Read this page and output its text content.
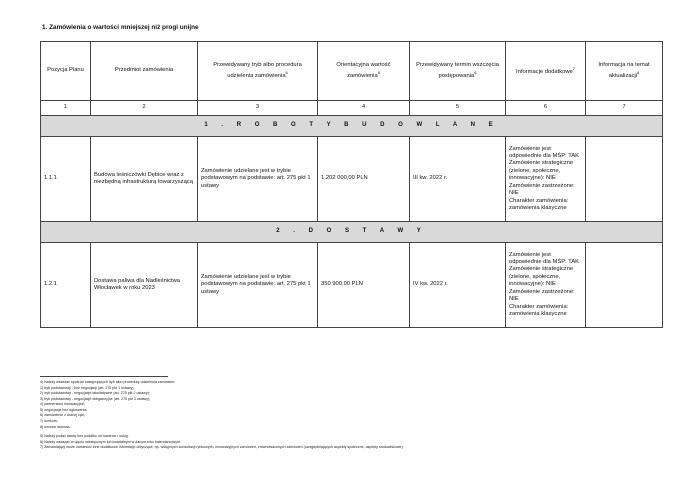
1. Zamówienia o wartości mniejszej niż progi unijne
Pozycja Planu	Przedmiot zamówienia	Przewidywany tryb albo procedura udzielenia zamówienia$^6$	Orientacyjna wartość zamówienia$^5$	Przewidywany termin wszczęcia postępowania$^6$	Informacje dodatkowe$^7$	Informacja na temat aktualizacji$^8$
1	2	3	4	5	6	7
1 . R O B O T Y B U D O W L A N E						
1.1.1	Budowa leśniczówki Dębice wraz z niezbędną infrastrukturą towarzyszącą	Zamówienie udzielane jest w trybie podstawowym na podstawie: art. 275 pkt 1 ustawy	1 202 000,00 PLN	III kw. 2022 r.	Zamówienie jest odpowiednie dla MŚP: TAK
Zamówienie strategiczne (zielone, społeczne, innowacyjne): NIE
Zamówienie zastrzeżone: NIE
Charakter zamówienia: zamówienia klasyczne	

2 . D O S T A W Y						
1.2.1	Dostawa paliwa dla Nadleśnictwa Włocławek w roku 2023	Zamówienie udzielane jest w trybie podstawowym na podstawie: art. 275 pkt 1 ustawy	350 900,00 PLN	IV kw. 2022 r.	Zamówienie jest odpowiednie dla MŚP: TAK
Zamówienie strategiczne (zielone, społeczne, innowacyjne): NIE
Zamówienie zastrzeżone: NIE
Charakter zamówienia: zamówienia klasyczne	

4) Należy wskazać spośród następujących tryb albo procedurę udzielenia zamówień:
1) tryb podstawowy - bez negocjacji (art. 275 pkt 1 ustawy);
2) tryb podstawowy - negocjacje fakultatywne (art. 275 pkt 2 ustawy);
3) tryb podstawowy - negocjacje obligatoryjne (art. 275 pkt 3 ustawy);
4) partnerstwo innowacyjne;
5) negocjacje bez ogłoszenia;
6) zamówienie z wolnej ręki;
7) konkurs;
8) umowa ramowa.
5) Należy podać kwotę bez podatku od towarów i usług.
6) Należy wskazać w ujęciu miesięcznym lub kwartalnym w danym roku kalendarzowym.
7) Zamawiający może zamieścić inne dodatkowe informacje dotyczące, np. wstępnych konsultacji rynkowych, innowacyjnych zamówień, zrównoważonych zamówień (uwzględniających aspekty społeczne, aspekty środowiskowe).
